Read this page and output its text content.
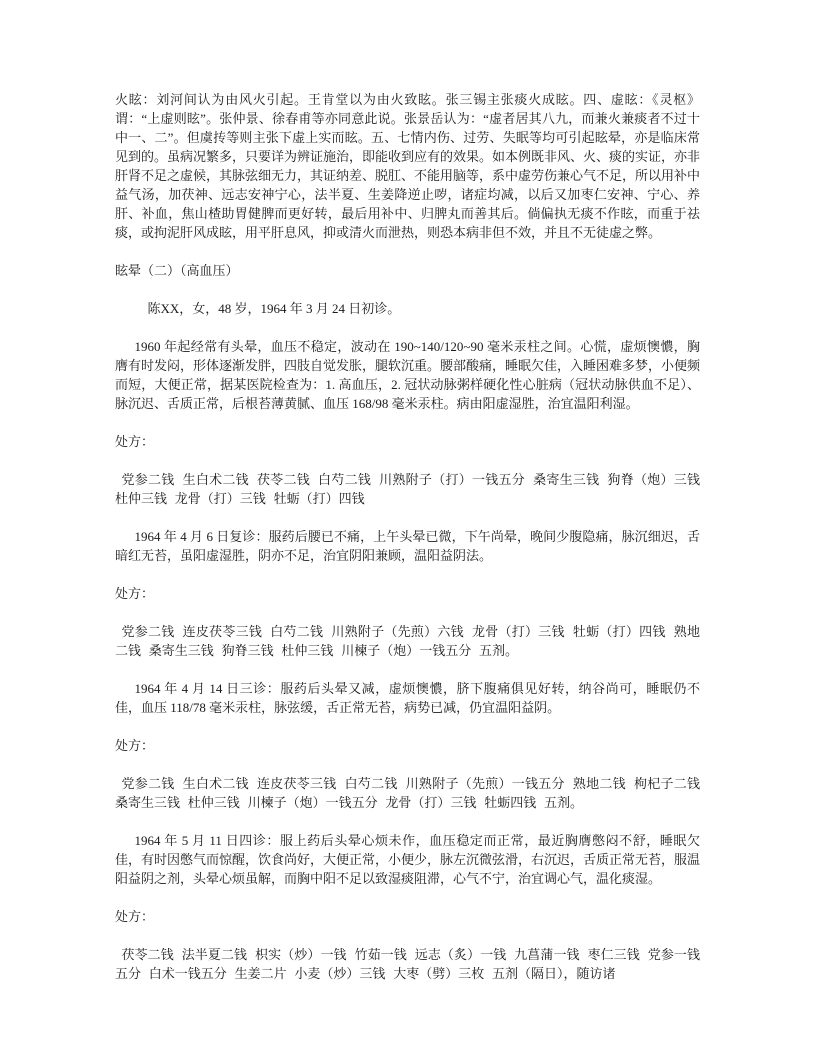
火眩：刘河间认为由风火引起。王肯堂以为由火致眩。张三锡主张痰火成眩。四、虚眩：《灵枢》谓：“上虚则眩”。张仲景、徐春甫等亦同意此说。张景岳认为：“虚者居其八九，而兼火兼痰者不过十中一、二”。但虞抟等则主张下虚上实而眩。五、七情内伤、过劳、失眠等均可引起眩晕，亦是临床常见到的。虽病况繁多，只要详为辨证施治，即能收到应有的效果。如本例既非风、火、痰的实证，亦非肝肾不足之虚候，其脉弦细无力，其证纳差、脱肛、不能用脑等，系中虚劳伤兼心气不足，所以用补中益气汤，加茯神、远志安神宁心，法半夏、生姜降逆止哕，诸症均减，以后又加枣仁安神、宁心、养肝、补血，焦山楂助胃健脾而更好转，最后用补中、归脾丸而善其后。倘偏执无痰不作眩，而重于祛痰，或拘泥肝风成眩，用平肝息风，抑或清火而泄热，则恐本病非但不效，并且不无徒虚之弊。

眩晕（二）（高血压）

陈XX，女，48 岁，1964 年 3 月 24 日初诊。

1960 年起经常有头晕，血压不稳定，波动在 190~140/120~90 毫米汞柱之间。心慌，虚烦懊憹，胸膺有时发闷，形体逐渐发胖，四肢自觉发胀，腿软沉重。腰部酸痛，睡眠欠佳，入睡困难多梦，小便频而短，大便正常，据某医院检查为：1. 高血压，2. 冠状动脉粥样硬化性心脏病（冠状动脉供血不足）、脉沉迟、舌质正常，后根苔薄黄腻、血压 168/98 毫米汞柱。病由阳虚湿胜，治宜温阳利湿。

处方：

党参二钱 生白术二钱 茯苓二钱 白芍二钱 川熟附子（打）一钱五分 桑寄生三钱 狗脊（炮）三钱 杜仲三钱 龙骨（打）三钱 牡蛎（打）四钱

1964 年 4 月 6 日复诊：服药后腰已不痛，上午头晕已微，下午尚晕，晚间少腹隐痛，脉沉细迟，舌暗红无苔，虽阳虚湿胜，阴亦不足，治宜阴阳兼顾，温阳益阴法。

处方：

党参二钱 连皮茯苓三钱 白芍二钱 川熟附子（先煎）六钱 龙骨（打）三钱 牡蛎（打）四钱 熟地二钱 桑寄生三钱 狗脊三钱 杜仲三钱 川楝子（炮）一钱五分 五剂。

1964 年 4 月 14 日三诊：服药后头晕又减，虚烦懊憹，脐下腹痛俱见好转，纳谷尚可，睡眠仍不佳，血压 118/78 毫米汞柱，脉弦缓，舌正常无苔，病势已减，仍宜温阳益阴。

处方：

党参二钱 生白术二钱 连皮茯苓三钱 白芍二钱 川熟附子（先煎）一钱五分 熟地二钱 枸杞子二钱 桑寄生三钱 杜仲三钱 川楝子（炮）一钱五分 龙骨（打）三钱 牡蛎四钱 五剂。

1964 年 5 月 11 日四诊：服上药后头晕心烦未作，血压稳定而正常，最近胸膺憋闷不舒，睡眠欠佳，有时因憋气而惊醒，饮食尚好，大便正常，小便少，脉左沉微弦滑，右沉迟，舌质正常无苔，服温阳益阴之剂，头晕心烦虽解，而胸中阳不足以致湿痰阻滞，心气不宁，治宜调心气，温化痰湿。

处方：

茯苓二钱 法半夏二钱 枳实（炒）一钱 竹茹一钱 远志（炙）一钱 九菖蒲一钱 枣仁三钱 党参一钱五分 白术一钱五分 生姜二片 小麦（炒）三钱 大枣（劈）三枚 五剂（隔日），随访诸
